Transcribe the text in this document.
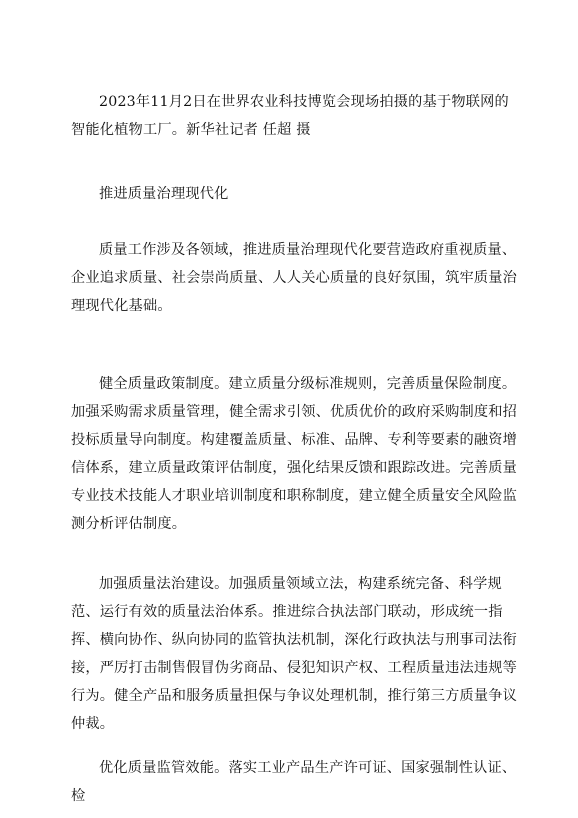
2023年11月2日在世界农业科技博览会现场拍摄的基于物联网的智能化植物工厂。新华社记者 任超 摄

推进质量治理现代化

质量工作涉及各领域，推进质量治理现代化要营造政府重视质量、企业追求质量、社会崇尚质量、人人关心质量的良好氛围，筑牢质量治理现代化基础。

健全质量政策制度。建立质量分级标准规则，完善质量保险制度。加强采购需求质量管理，健全需求引领、优质优价的政府采购制度和招投标质量导向制度。构建覆盖质量、标准、品牌、专利等要素的融资增信体系，建立质量政策评估制度，强化结果反馈和跟踪改进。完善质量专业技术技能人才职业培训制度和职称制度，建立健全质量安全风险监测分析评估制度。

加强质量法治建设。加强质量领域立法，构建系统完备、科学规范、运行有效的质量法治体系。推进综合执法部门联动，形成统一指挥、横向协作、纵向协同的监管执法机制，深化行政执法与刑事司法衔接，严厉打击制售假冒伪劣商品、侵犯知识产权、工程质量违法违规等行为。健全产品和服务质量担保与争议处理机制，推行第三方质量争议仲裁。

优化质量监管效能。落实工业产品生产许可证、国家强制性认证、检
